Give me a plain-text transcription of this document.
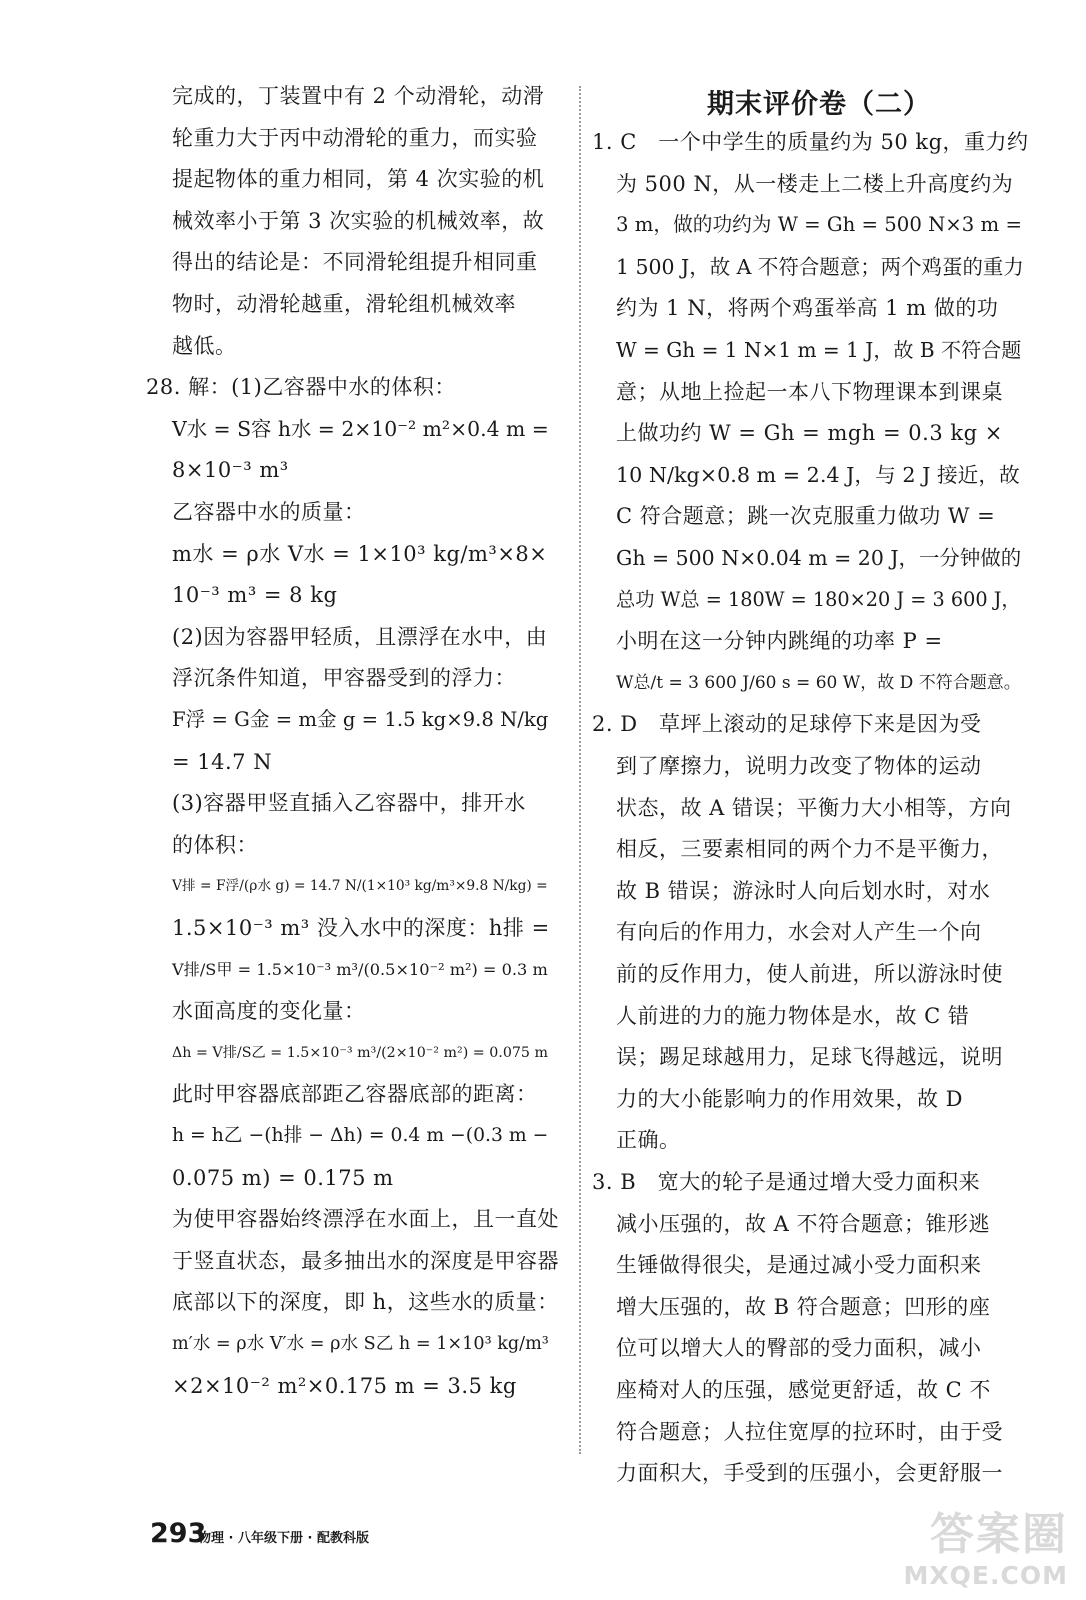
完成的，丁装置中有 2 个动滑轮，动滑
轮重力大于丙中动滑轮的重力，而实验
提起物体的重力相同，第 4 次实验的机
械效率小于第 3 次实验的机械效率，故
得出的结论是：不同滑轮组提升相同重
物时，动滑轮越重，滑轮组机械效率
越低。
28. 解：(1)乙容器中水的体积：
V水 = S容 h水 = 2×10⁻² m²×0.4 m =
8×10⁻³ m³
乙容器中水的质量：
m水 = ρ水 V水 = 1×10³ kg/m³×8×
10⁻³ m³ = 8 kg
(2)因为容器甲轻质，且漂浮在水中，由
浮沉条件知道，甲容器受到的浮力：
F浮 = G金 = m金 g = 1.5 kg×9.8 N/kg
= 14.7 N
(3)容器甲竖直插入乙容器中，排开水
的体积：
V排 = F浮/(ρ水 g) = 14.7 N/(1×10³ kg/m³×9.8 N/kg) =
1.5×10⁻³ m³ 没入水中的深度：h排 =
V排/S甲 = 1.5×10⁻³ m³/(0.5×10⁻² m²) = 0.3 m
水面高度的变化量：
Δh = V排/S乙 = 1.5×10⁻³ m³/(2×10⁻² m²) = 0.075 m
此时甲容器底部距乙容器底部的距离：
h = h乙 −(h排 − Δh) = 0.4 m −(0.3 m −
0.075 m) = 0.175 m
为使甲容器始终漂浮在水面上，且一直处
于竖直状态，最多抽出水的深度是甲容器
底部以下的深度，即 h，这些水的质量：
m′水 = ρ水 V′水 = ρ水 S乙 h = 1×10³ kg/m³
×2×10⁻² m²×0.175 m = 3.5 kg
期末评价卷（二）
1. C　一个中学生的质量约为 50 kg，重力约
为 500 N，从一楼走上二楼上升高度约为
3 m，做的功约为 W = Gh = 500 N×3 m =
1 500 J，故 A 不符合题意；两个鸡蛋的重力
约为 1 N，将两个鸡蛋举高 1 m 做的功
W = Gh = 1 N×1 m = 1 J，故 B 不符合题
意；从地上捡起一本八下物理课本到课桌
上做功约 W = Gh = mgh = 0.3 kg ×
10 N/kg×0.8 m = 2.4 J，与 2 J 接近，故
C 符合题意；跳一次克服重力做功 W =
Gh = 500 N×0.04 m = 20 J，一分钟做的
总功 W总 = 180W = 180×20 J = 3 600 J，
小明在这一分钟内跳绳的功率 P =
W总/t = 3 600 J/60 s = 60 W，故 D 不符合题意。
2. D　草坪上滚动的足球停下来是因为受
到了摩擦力，说明力改变了物体的运动
状态，故 A 错误；平衡力大小相等，方向
相反，三要素相同的两个力不是平衡力，
故 B 错误；游泳时人向后划水时，对水
有向后的作用力，水会对人产生一个向
前的反作用力，使人前进，所以游泳时使
人前进的力的施力物体是水，故 C 错
误；踢足球越用力，足球飞得越远，说明
力的大小能影响力的作用效果，故 D
正确。
3. B　宽大的轮子是通过增大受力面积来
减小压强的，故 A 不符合题意；锥形逃
生锤做得很尖，是通过减小受力面积来
增大压强的，故 B 符合题意；凹形的座
位可以增大人的臀部的受力面积，减小
座椅对人的压强，感觉更舒适，故 C 不
符合题意；人拉住宽厚的拉环时，由于受
力面积大，手受到的压强小，会更舒服一
293
物理 · 八年级下册 · 配教科版	答案圈
MXQE.COM
